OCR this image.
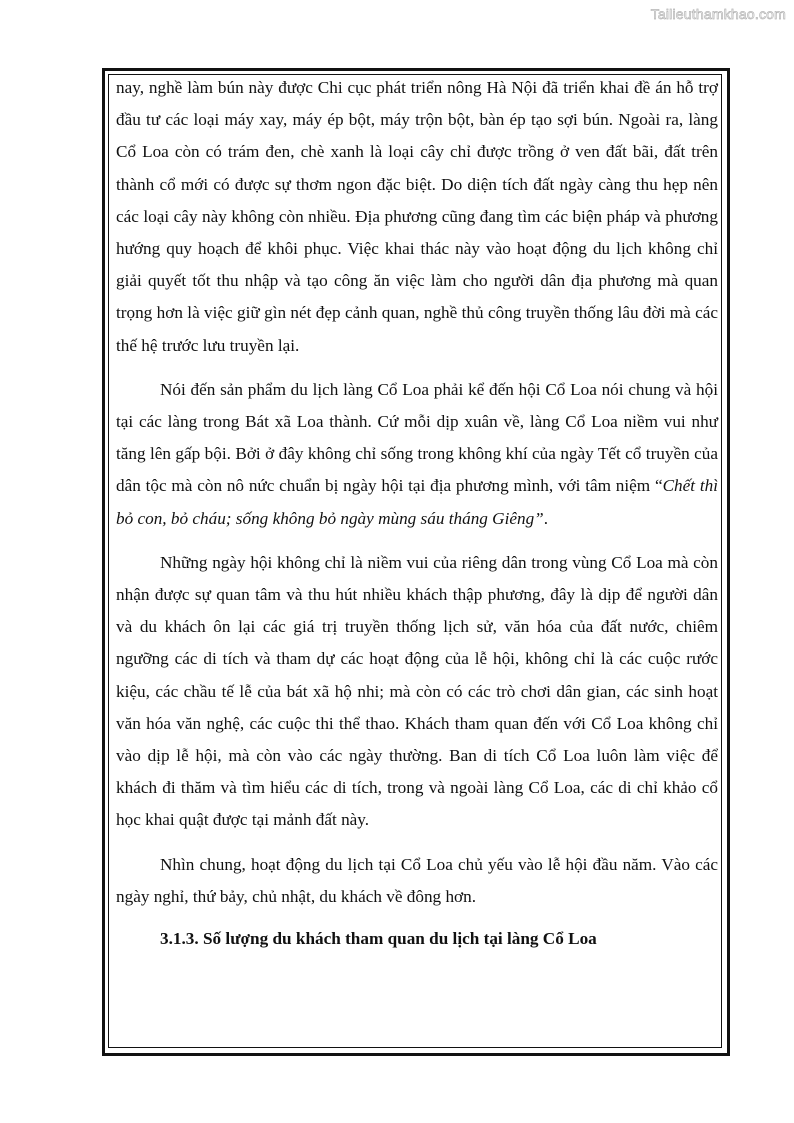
Tailieuthamkhao.com

nay, nghề làm bún này được Chi cục phát triển nông Hà Nội đã triển khai đề án hỗ trợ đầu tư các loại máy xay, máy ép bột, máy trộn bột, bàn ép tạo sợi bún. Ngoài ra, làng Cổ Loa còn có trám đen, chè xanh là loại cây chỉ được trồng ở ven đất bãi, đất trên thành cổ mới có được sự thơm ngon đặc biệt. Do diện tích đất ngày càng thu hẹp nên các loại cây này không còn nhiều. Địa phương cũng đang tìm các biện pháp và phương hướng quy hoạch để khôi phục. Việc khai thác này vào hoạt động du lịch không chỉ giải quyết tốt thu nhập và tạo công ăn việc làm cho người dân địa phương mà quan trọng hơn là việc giữ gìn nét đẹp cảnh quan, nghề thủ công truyền thống lâu đời mà các thế hệ trước lưu truyền lại.

Nói đến sản phẩm du lịch làng Cổ Loa phải kể đến hội Cổ Loa nói chung và hội tại các làng trong Bát xã Loa thành. Cứ mỗi dịp xuân về, làng Cổ Loa niềm vui như tăng lên gấp bội. Bởi ở đây không chỉ sống trong không khí của ngày Tết cổ truyền của dân tộc mà còn nô nức chuẩn bị ngày hội tại địa phương mình, với tâm niệm “Chết thì bỏ con, bỏ cháu; sống không bỏ ngày mùng sáu tháng Giêng”.

Những ngày hội không chỉ là niềm vui của riêng dân trong vùng Cổ Loa mà còn nhận được sự quan tâm và thu hút nhiều khách thập phương, đây là dịp để người dân và du khách ôn lại các giá trị truyền thống lịch sử, văn hóa của đất nước, chiêm ngưỡng các di tích và tham dự các hoạt động của lễ hội, không chỉ là các cuộc rước kiệu, các chầu tế lễ của bát xã hộ nhi; mà còn có các trò chơi dân gian, các sinh hoạt văn hóa văn nghệ, các cuộc thi thể thao. Khách tham quan đến với Cổ Loa không chỉ vào dịp lễ hội, mà còn vào các ngày thường. Ban di tích Cổ Loa luôn làm việc để khách đi thăm và tìm hiểu các di tích, trong và ngoài làng Cổ Loa, các di chỉ khảo cổ học khai quật được tại mảnh đất này.

Nhìn chung, hoạt động du lịch tại Cổ Loa chủ yếu vào lễ hội đầu năm. Vào các ngày nghỉ, thứ bảy, chủ nhật, du khách về đông hơn.

3.1.3. Số lượng du khách tham quan du lịch tại làng Cổ Loa
